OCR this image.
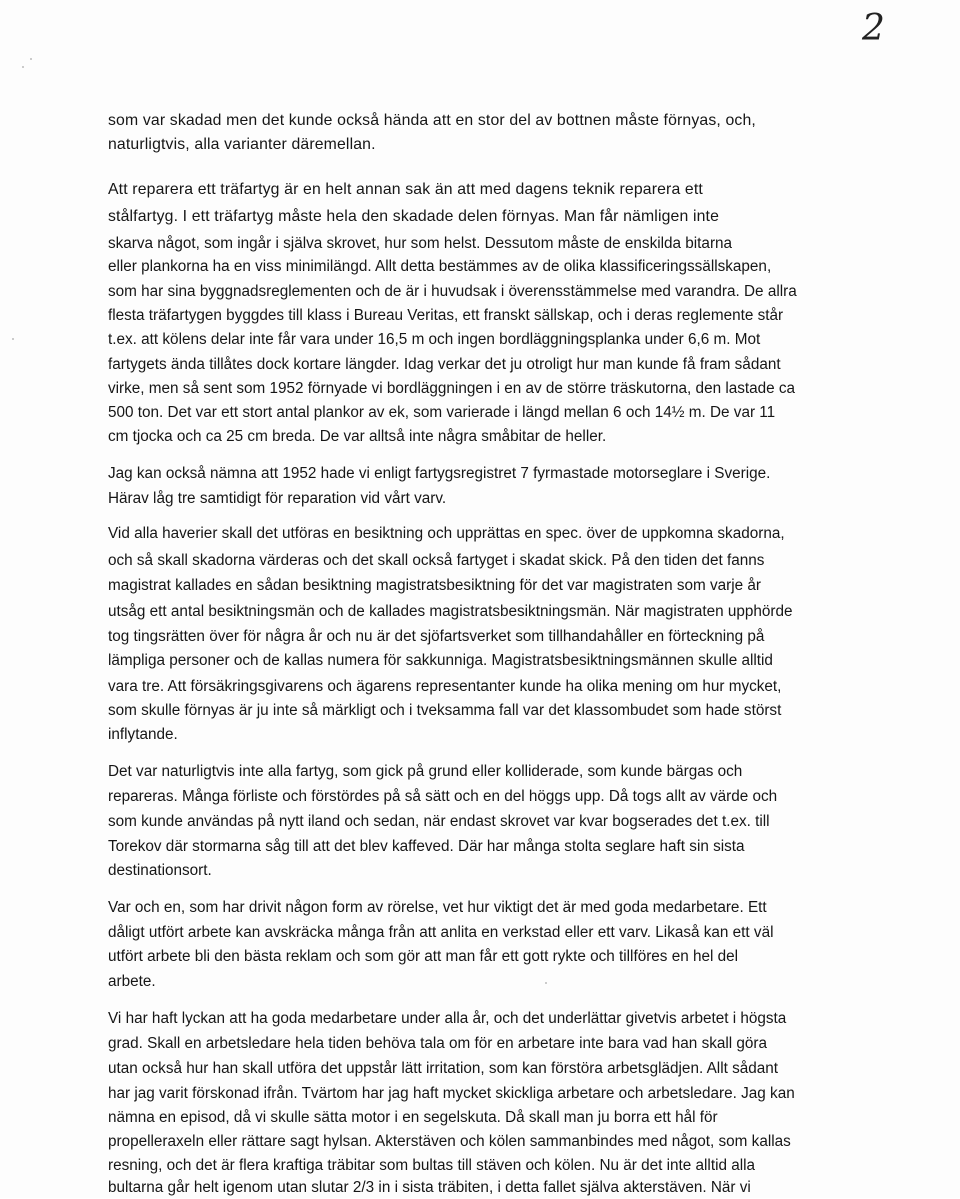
2
som var skadad men det kunde också hända att en stor del av bottnen måste förnyas, och,
naturligtvis, alla varianter däremellan.
Att reparera ett träfartyg är en helt annan sak än att med dagens teknik reparera ett
stålfartyg. I ett träfartyg måste hela den skadade delen förnyas. Man får nämligen inte
skarva något, som ingår i själva skrovet, hur som helst. Dessutom måste de enskilda bitarna
eller plankorna ha en viss minimilängd. Allt detta bestämmes av de olika klassificeringssällskapen,
som har sina byggnadsreglementen och de är i huvudsak i överensstämmelse med varandra. De allra
flesta träfartygen byggdes till klass i Bureau Veritas, ett franskt sällskap, och i deras reglemente står
t.ex. att kölens delar inte får vara under 16,5 m och ingen bordläggningsplanka under 6,6 m. Mot
fartygets ända tillåtes dock kortare längder. Idag verkar det ju otroligt hur man kunde få fram sådant
virke, men så sent som 1952 förnyade vi bordläggningen i en av de större träskutorna, den lastade ca
500 ton. Det var ett stort antal plankor av ek, som varierade i längd mellan 6 och 14½ m. De var 11
cm tjocka och ca 25 cm breda. De var alltså inte några småbitar de heller.
Jag kan också nämna att 1952 hade vi enligt fartygsregistret 7 fyrmastade motorseglare i Sverige.
Härav låg tre samtidigt för reparation vid vårt varv.
Vid alla haverier skall det utföras en besiktning och upprättas en spec. över de uppkomna skadorna,
och så skall skadorna värderas och det skall också fartyget i skadat skick. På den tiden det fanns
magistrat kallades en sådan besiktning magistratsbesiktning för det var magistraten som varje år
utsåg ett antal besiktningsmän och de kallades magistratsbesiktningsmän. När magistraten upphörde
tog tingsrätten över för några år och nu är det sjöfartsverket som tillhandahåller en förteckning på
lämpliga personer och de kallas numera för sakkunniga. Magistratsbesiktningsmännen skulle alltid
vara tre. Att försäkringsgivarens och ägarens representanter kunde ha olika mening om hur mycket,
som skulle förnyas är ju inte så märkligt och i tveksamma fall var det klassombudet som hade störst
inflytande.
Det var naturligtvis inte alla fartyg, som gick på grund eller kolliderade, som kunde bärgas och
repareras. Många förliste och förstördes på så sätt och en del höggs upp. Då togs allt av värde och
som kunde användas på nytt iland och sedan, när endast skrovet var kvar bogserades det t.ex. till
Torekov där stormarna såg till att det blev kaffeved. Där har många stolta seglare haft sin sista
destinationsort.
Var och en, som har drivit någon form av rörelse, vet hur viktigt det är med goda medarbetare. Ett
dåligt utfört arbete kan avskräcka många från att anlita en verkstad eller ett varv. Likaså kan ett väl
utfört arbete bli den bästa reklam och som gör att man får ett gott rykte och tillföres en hel del
arbete.
Vi har haft lyckan att ha goda medarbetare under alla år, och det underlättar givetvis arbetet i högsta
grad. Skall en arbetsledare hela tiden behöva tala om för en arbetare inte bara vad han skall göra
utan också hur han skall utföra det uppstår lätt irritation, som kan förstöra arbetsglädjen. Allt sådant
har jag varit förskonad ifrån. Tvärtom har jag haft mycket skickliga arbetare och arbetsledare. Jag kan
nämna en episod, då vi skulle sätta motor i en segelskuta. Då skall man ju borra ett hål för
propelleraxeln eller rättare sagt hylsan. Akterstäven och kölen sammanbindes med något, som kallas
resning, och det är flera kraftiga träbitar som bultas till stäven och kölen. Nu är det inte alltid alla
bultarna går helt igenom utan slutar 2/3 in i sista träbiten, i detta fallet själva akterstäven. När vi
